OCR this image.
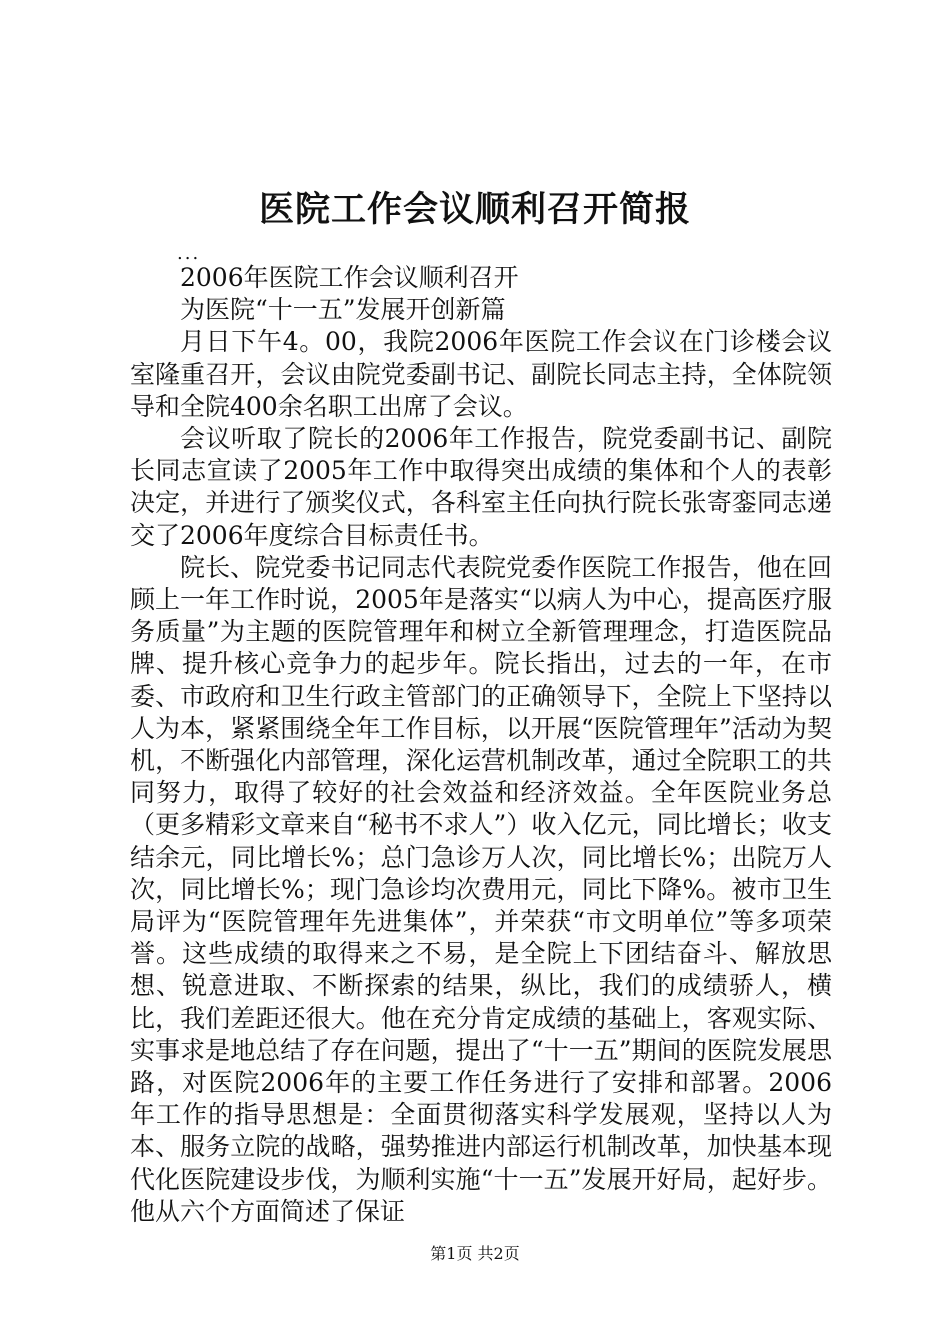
医院工作会议顺利召开简报
...

2006年医院工作会议顺利召开

为医院“十一五”发展开创新篇

月日下午4。00，我院2006年医院工作会议在门诊楼会议室隆重召开，会议由院党委副书记、副院长同志主持，全体院领导和全院400余名职工出席了会议。

会议听取了院长的2006年工作报告，院党委副书记、副院长同志宣读了2005年工作中取得突出成绩的集体和个人的表彰决定，并进行了颁奖仪式，各科室主任向执行院长张寄銮同志递交了2006年度综合目标责任书。

院长、院党委书记同志代表院党委作医院工作报告，他在回顾上一年工作时说，2005年是落实“以病人为中心，提高医疗服务质量”为主题的医院管理年和树立全新管理理念，打造医院品牌、提升核心竞争力的起步年。院长指出，过去的一年，在市委、市政府和卫生行政主管部门的正确领导下，全院上下坚持以人为本，紧紧围绕全年工作目标，以开展“医院管理年”活动为契机，不断强化内部管理，深化运营机制改革，通过全院职工的共同努力，取得了较好的社会效益和经济效益。全年医院业务总（更多精彩文章来自“秘书不求人”）收入亿元，同比增长；收支结余元，同比增长%；总门急诊万人次，同比增长%；出院万人次，同比增长%；现门急诊均次费用元，同比下降%。被市卫生局评为“医院管理年先进集体”，并荣获“市文明单位”等多项荣誉。这些成绩的取得来之不易，是全院上下团结奋斗、解放思想、锐意进取、不断探索的结果，纵比，我们的成绩骄人，横比，我们差距还很大。他在充分肯定成绩的基础上，客观实际、实事求是地总结了存在问题，提出了“十一五”期间的医院发展思路，对医院2006年的主要工作任务进行了安排和部署。2006年工作的指导思想是：全面贯彻落实科学发展观，坚持以人为本、服务立院的战略，强势推进内部运行机制改革，加快基本现代化医院建设步伐，为顺利实施“十一五”发展开好局，起好步。他从六个方面简述了保证

第1页 共2页
